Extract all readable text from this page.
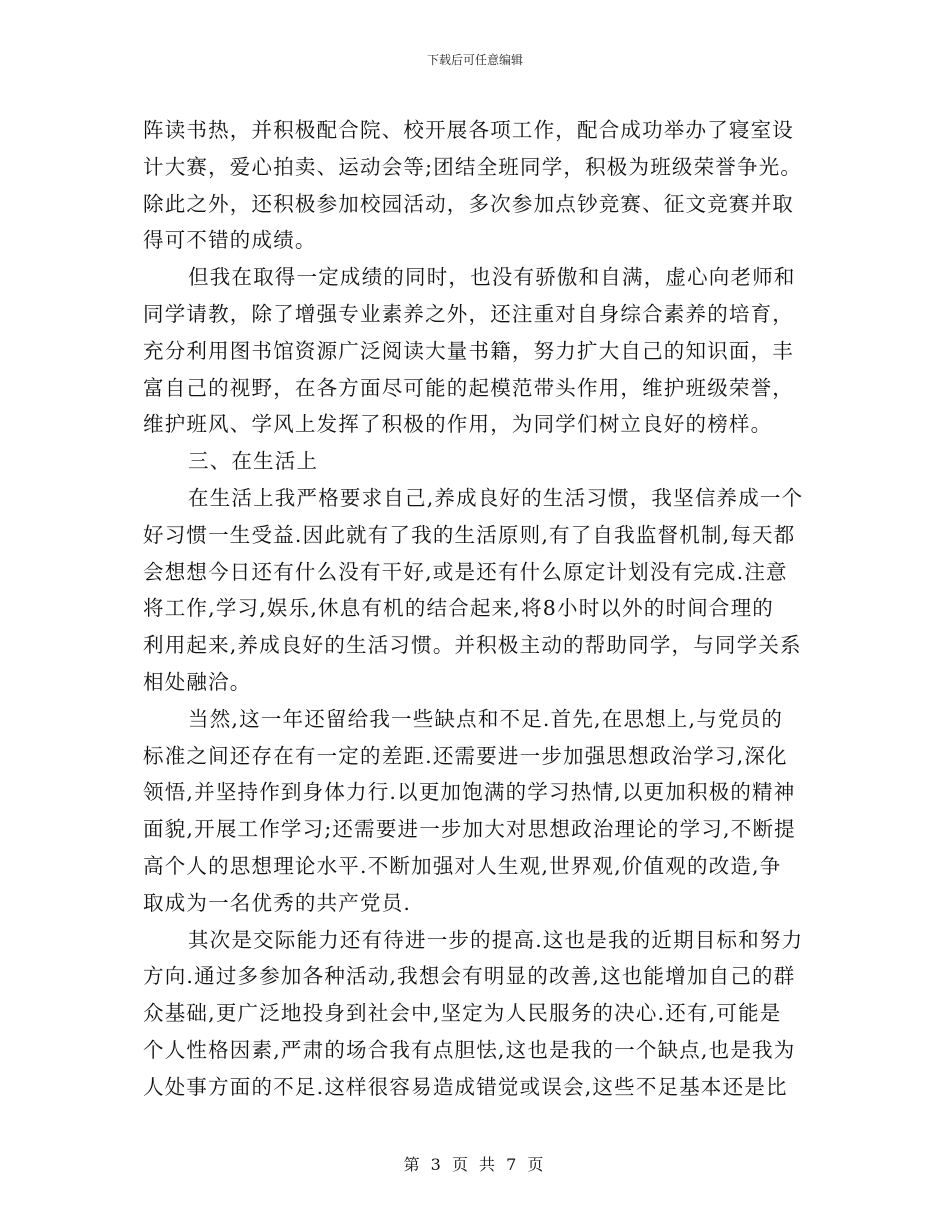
下载后可任意编辑
阵读书热，并积极配合院、校开展各项工作，配合成功举办了寝室设
计大赛，爱心拍卖、运动会等;团结全班同学，积极为班级荣誉争光。
除此之外，还积极参加校园活动，多次参加点钞竞赛、征文竞赛并取
得可不错的成绩。
但我在取得一定成绩的同时，也没有骄傲和自满，虚心向老师和
同学请教，除了增强专业素养之外，还注重对自身综合素养的培育，
充分利用图书馆资源广泛阅读大量书籍，努力扩大自己的知识面，丰
富自己的视野，在各方面尽可能的起模范带头作用，维护班级荣誉，
维护班风、学风上发挥了积极的作用，为同学们树立良好的榜样。
三、在生活上
在生活上我严格要求自己,养成良好的生活习惯，我坚信养成一个
好习惯一生受益.因此就有了我的生活原则,有了自我监督机制,每天都
会想想今日还有什么没有干好,或是还有什么原定计划没有完成.注意
将工作,学习,娱乐,休息有机的结合起来,将8小时以外的时间合理的
利用起来,养成良好的生活习惯。并积极主动的帮助同学，与同学关系
相处融洽。
当然,这一年还留给我一些缺点和不足.首先,在思想上,与党员的
标准之间还存在有一定的差距.还需要进一步加强思想政治学习,深化
领悟,并坚持作到身体力行.以更加饱满的学习热情,以更加积极的精神
面貌,开展工作学习;还需要进一步加大对思想政治理论的学习,不断提
高个人的思想理论水平.不断加强对人生观,世界观,价值观的改造,争
取成为一名优秀的共产党员.
其次是交际能力还有待进一步的提高.这也是我的近期目标和努力
方向.通过多参加各种活动,我想会有明显的改善,这也能增加自己的群
众基础,更广泛地投身到社会中,坚定为人民服务的决心.还有,可能是
个人性格因素,严肃的场合我有点胆怯,这也是我的一个缺点,也是我为
人处事方面的不足.这样很容易造成错觉或误会,这些不足基本还是比
第 3 页 共 7 页
